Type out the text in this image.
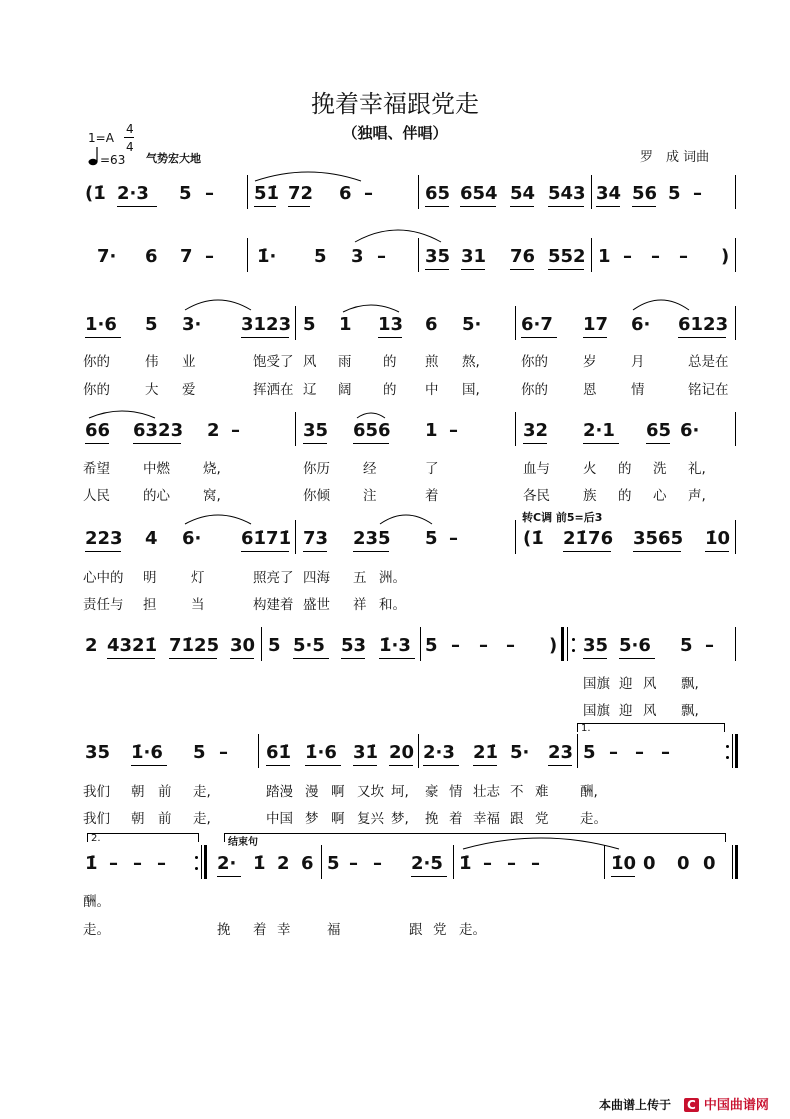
挽着幸福跟党走
（独唱、伴唱）
1=A
4
4
=63 气势宏大地	罗　成 词曲
(1̇ 2·3 5 – 51̇ 72 6 –	65 654 54 543 34 56 5 –
7· 6 7 – 1̇· 5 3 – 35 31 76 552 1 – – – )
1·6 5 3· 3123 5 1 13 6 5· 6·7 17 6· 6123
你的	伟 业	饱受了 风 雨 的 煎 熬,	你的	岁	月	总是在
你的	大 爱	挥洒在 辽 阔 的 中 国,	你的	恩	情	铭记在
66 6323 2 –	35 656 1 –	32 2·1 65 6·
希望 中燃 烧,	你历 经	了	血与 火 的 洗 礼,
人民 的心 窝,	你倾 注	着	各民 族 的 心 声,
转C调 前5=后3
223 4 6· 61̇71̇ 73 235 5 –	(1̇ 21̇76 3565 1̇0
心中的 明	灯	照亮了 四海 五 洲。
责任与 担	当	构建着 盛世 祥 和。
2 4321̇ 71̇25 30 5 5·5 53 1̇·3 5 – – – ) 35 5·6 5 –
国旗 迎 风 飘,
国旗 迎 风 飘,
1.
35 1̇·6 5 – 61̇ 1̇·6 31̇ 20 2·3 21̇ 5· 23 5 – – –
我们 朝 前 走,	踏漫 漫 啊 又坎 坷, 豪 情 壮志 不 难 酬,
我们 朝 前 走,	中国 梦 啊 复兴 梦, 挽 着 幸福 跟 党 走。
2.	结束句
1̇ – – –	2· 1̇ 2 6 5 – – 2·5 1̇ – – –	1̇0 0 0 0
酬。
走。	挽 着 幸	福	跟 党 走。
本曲谱上传于 C 中国曲谱网
